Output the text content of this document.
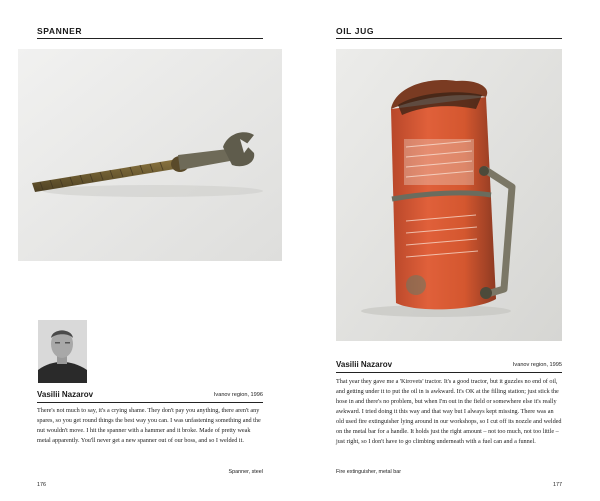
SPANNER
Vasilii Nazarov	Ivanov region, 1996

There's not much to say, it's a crying shame. They don't pay you anything, there aren't any spares, so you get round things the best way you can. I was unfastening something and the nut wouldn't move. I hit the spanner with a hammer and it broke. Made of pretty weak metal apparently. You'll never get a new spanner out of our boss, and so I welded it.

Spanner, steel
176
OIL JUG
Vasilii Nazarov	Ivanov region, 1995

That year they gave me a 'Kirovets' tractor. It's a good tractor, but it guzzles no end of oil, and getting under it to put the oil in is awkward. It's OK at the filling station; just stick the hose in and there's no problem, but when I'm out in the field or somewhere else it's really awkward. I tried doing it this way and that way but I always kept missing. There was an old used fire extinguisher lying around in our workshops, so I cut off its nozzle and welded on the metal bar for a handle. It holds just the right amount – not too much, not too little – just right, so I don't have to go climbing underneath with a fuel can and a funnel.

Fire extinguisher, metal bar
177
